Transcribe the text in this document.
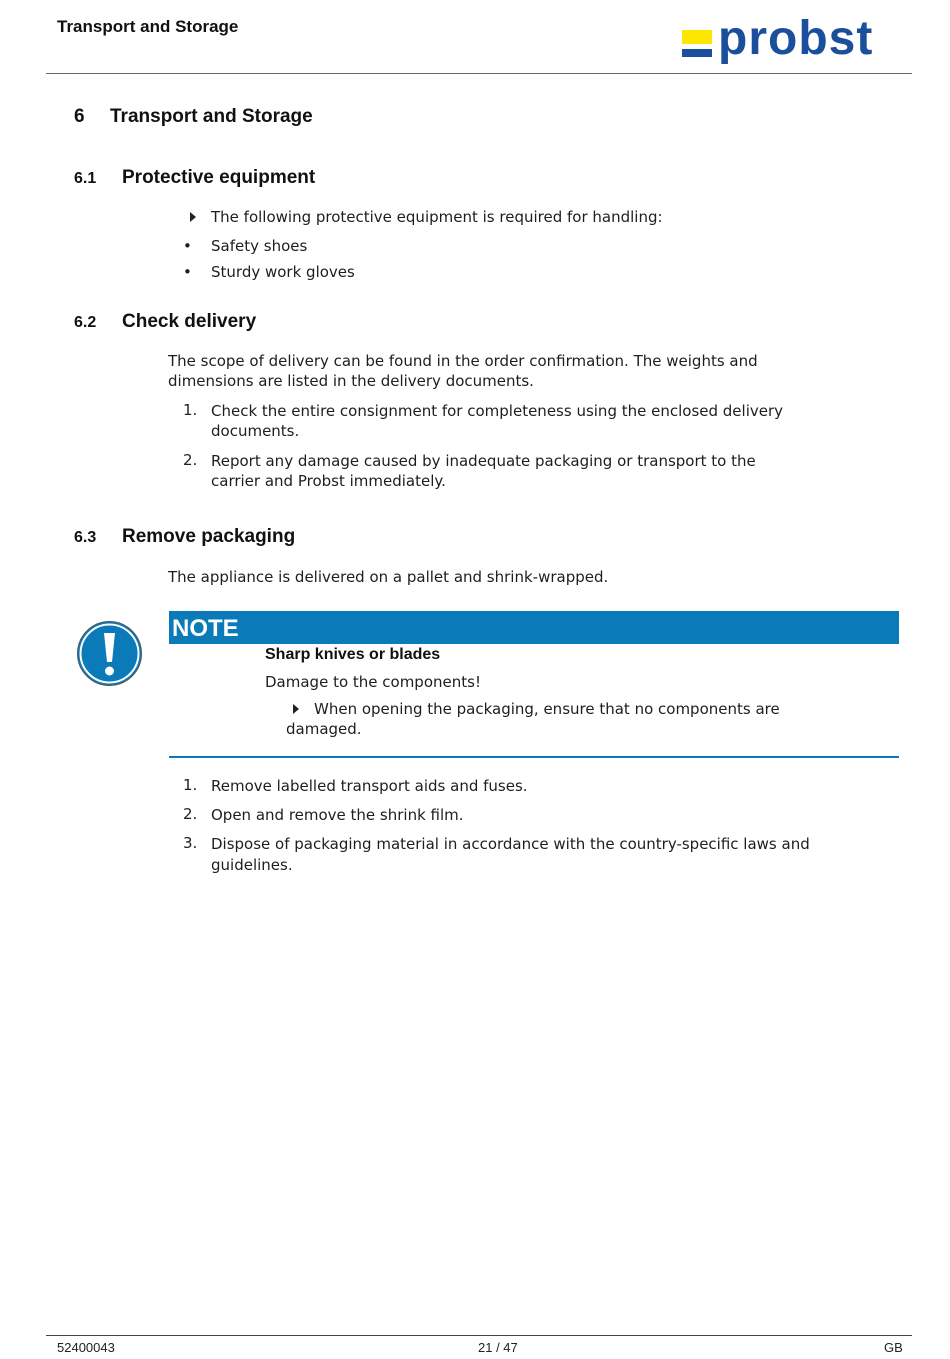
Transport and Storage	probst
6 Transport and Storage
6.1 Protective equipment
The following protective equipment is required for handling:
• Safety shoes
• Sturdy work gloves
6.2 Check delivery
The scope of delivery can be found in the order confirmation. The weights and
dimensions are listed in the delivery documents.
1. Check the entire consignment for completeness using the enclosed delivery
documents.
2. Report any damage caused by inadequate packaging or transport to the
carrier and Probst immediately.
6.3 Remove packaging
The appliance is delivered on a pallet and shrink-wrapped.
NOTE
Sharp knives or blades
Damage to the components!
When opening the packaging, ensure that no components are
damaged.
1. Remove labelled transport aids and fuses.
2. Open and remove the shrink film.
3. Dispose of packaging material in accordance with the country-specific laws and
guidelines.
52400043	21 / 47	GB
